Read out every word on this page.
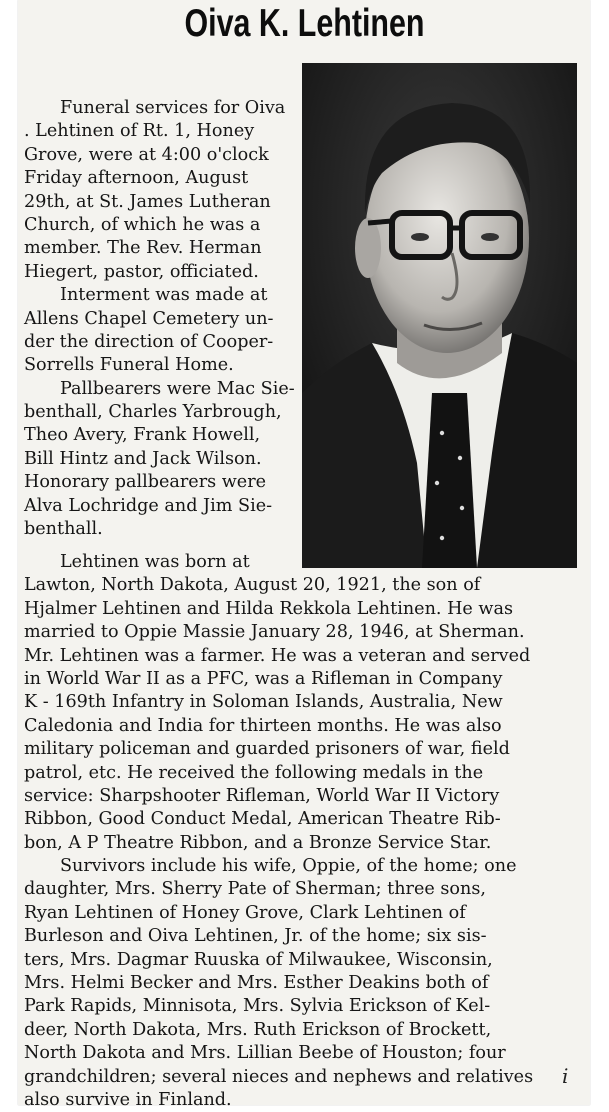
Oiva K. Lehtinen
Funeral services for Oiva
. Lehtinen of Rt. 1, Honey
Grove, were at 4:00 o'clock
Friday afternoon, August
29th, at St. James Lutheran
Church, of which he was a
member. The Rev. Herman
Hiegert, pastor, officiated.
Interment was made at
Allens Chapel Cemetery un-
der the direction of Cooper-
Sorrells Funeral Home.
Pallbearers were Mac Sie-
benthall, Charles Yarbrough,
Theo Avery, Frank Howell,
Bill Hintz and Jack Wilson.
Honorary pallbearers were
Alva Lochridge and Jim Sie-
benthall.
Lehtinen was born at
Lawton, North Dakota, August 20, 1921, the son of
Hjalmer Lehtinen and Hilda Rekkola Lehtinen. He was
married to Oppie Massie January 28, 1946, at Sherman.
Mr. Lehtinen was a farmer. He was a veteran and served
in World War II as a PFC, was a Rifleman in Company
K - 169th Infantry in Soloman Islands, Australia, New
Caledonia and India for thirteen months. He was also
military policeman and guarded prisoners of war, field
patrol, etc. He received the following medals in the
service: Sharpshooter Rifleman, World War II Victory
Ribbon, Good Conduct Medal, American Theatre Rib-
bon, A P Theatre Ribbon, and a Bronze Service Star.
Survivors include his wife, Oppie, of the home; one
daughter, Mrs. Sherry Pate of Sherman; three sons,
Ryan Lehtinen of Honey Grove, Clark Lehtinen of
Burleson and Oiva Lehtinen, Jr. of the home; six sis-
ters, Mrs. Dagmar Ruuska of Milwaukee, Wisconsin,
Mrs. Helmi Becker and Mrs. Esther Deakins both of
Park Rapids, Minnisota, Mrs. Sylvia Erickson of Kel-
deer, North Dakota, Mrs. Ruth Erickson of Brockett,
North Dakota and Mrs. Lillian Beebe of Houston; four
grandchildren; several nieces and nephews and relatives
also survive in Finland.
i
